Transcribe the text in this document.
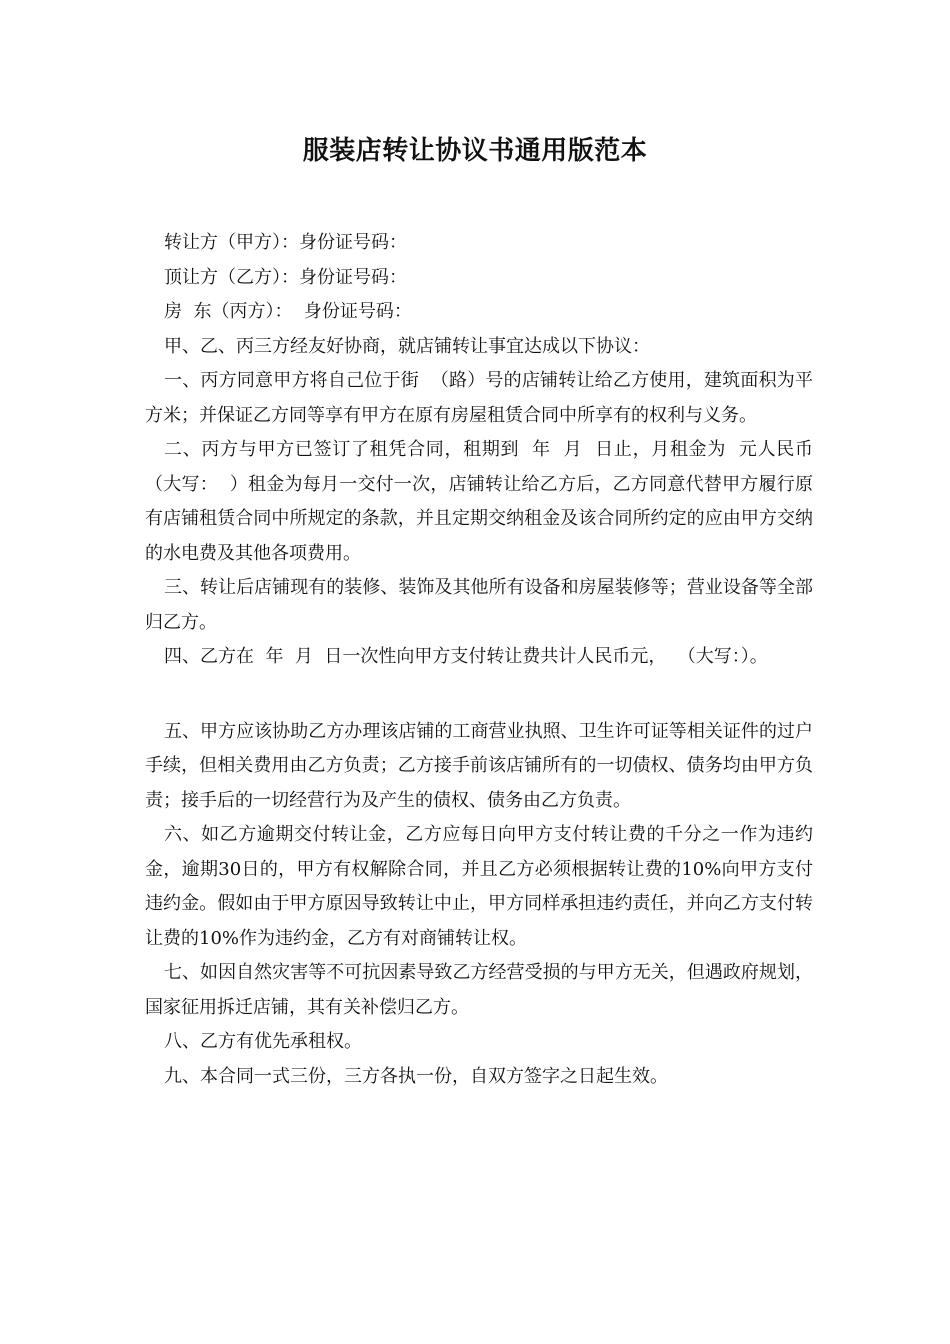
服装店转让协议书通用版范本

转让方（甲方）：身份证号码：

顶让方（乙方）：身份证号码：

房  东（丙方）：  身份证号码：

甲、乙、丙三方经友好协商，就店铺转让事宜达成以下协议：

一、丙方同意甲方将自己位于街  （路）号的店铺转让给乙方使用，建筑面积为平方米；并保证乙方同等享有甲方在原有房屋租赁合同中所享有的权利与义务。

二、丙方与甲方已签订了租凭合同，租期到  年  月  日止，月租金为  元人民币（大写：  ）租金为每月一交付一次，店铺转让给乙方后，乙方同意代替甲方履行原有店铺租赁合同中所规定的条款，并且定期交纳租金及该合同所约定的应由甲方交纳的水电费及其他各项费用。

三、转让后店铺现有的装修、装饰及其他所有设备和房屋装修等；营业设备等全部归乙方。

四、乙方在  年  月  日一次性向甲方支付转让费共计人民币元，  （大写：）。

五、甲方应该协助乙方办理该店铺的工商营业执照、卫生许可证等相关证件的过户手续，但相关费用由乙方负责；乙方接手前该店铺所有的一切债权、债务均由甲方负责；接手后的一切经营行为及产生的债权、债务由乙方负责。

六、如乙方逾期交付转让金，乙方应每日向甲方支付转让费的千分之一作为违约金，逾期30日的，甲方有权解除合同，并且乙方必须根据转让费的10%向甲方支付违约金。假如由于甲方原因导致转让中止，甲方同样承担违约责任，并向乙方支付转让费的10%作为违约金，乙方有对商铺转让权。

七、如因自然灾害等不可抗因素导致乙方经营受损的与甲方无关，但遇政府规划，国家征用拆迁店铺，其有关补偿归乙方。

八、乙方有优先承租权。

九、本合同一式三份，三方各执一份，自双方签字之日起生效。
